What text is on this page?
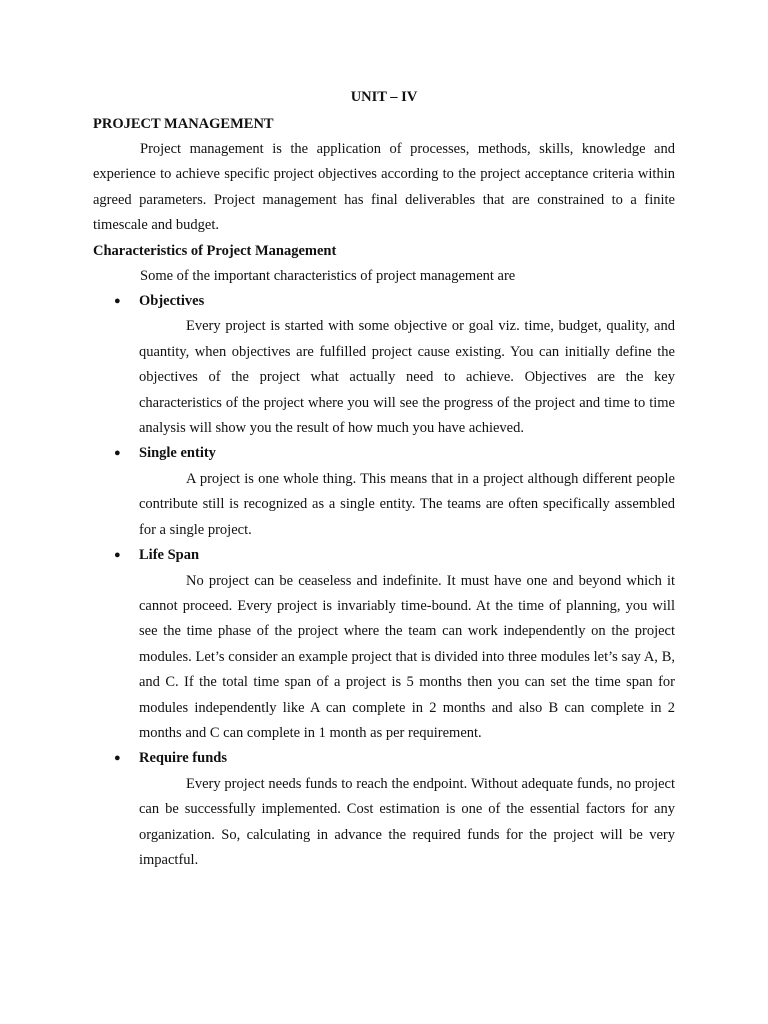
UNIT – IV

PROJECT MANAGEMENT

Project management is the application of processes, methods, skills, knowledge and experience to achieve specific project objectives according to the project acceptance criteria within agreed parameters. Project management has final deliverables that are constrained to a finite timescale and budget.

Characteristics of Project Management

Some of the important characteristics of project management are

● Objectives

Every project is started with some objective or goal viz. time, budget, quality, and quantity, when objectives are fulfilled project cause existing. You can initially define the objectives of the project what actually need to achieve. Objectives are the key characteristics of the project where you will see the progress of the project and time to time analysis will show you the result of how much you have achieved.

● Single entity

A project is one whole thing. This means that in a project although different people contribute still is recognized as a single entity. The teams are often specifically assembled for a single project.

● Life Span

No project can be ceaseless and indefinite. It must have one and beyond which it cannot proceed. Every project is invariably time-bound. At the time of planning, you will see the time phase of the project where the team can work independently on the project modules. Let’s consider an example project that is divided into three modules let’s say A, B, and C. If the total time span of a project is 5 months then you can set the time span for modules independently like A can complete in 2 months and also B can complete in 2 months and C can complete in 1 month as per requirement.

● Require funds

Every project needs funds to reach the endpoint. Without adequate funds, no project can be successfully implemented. Cost estimation is one of the essential factors for any organization. So, calculating in advance the required funds for the project will be very impactful.
